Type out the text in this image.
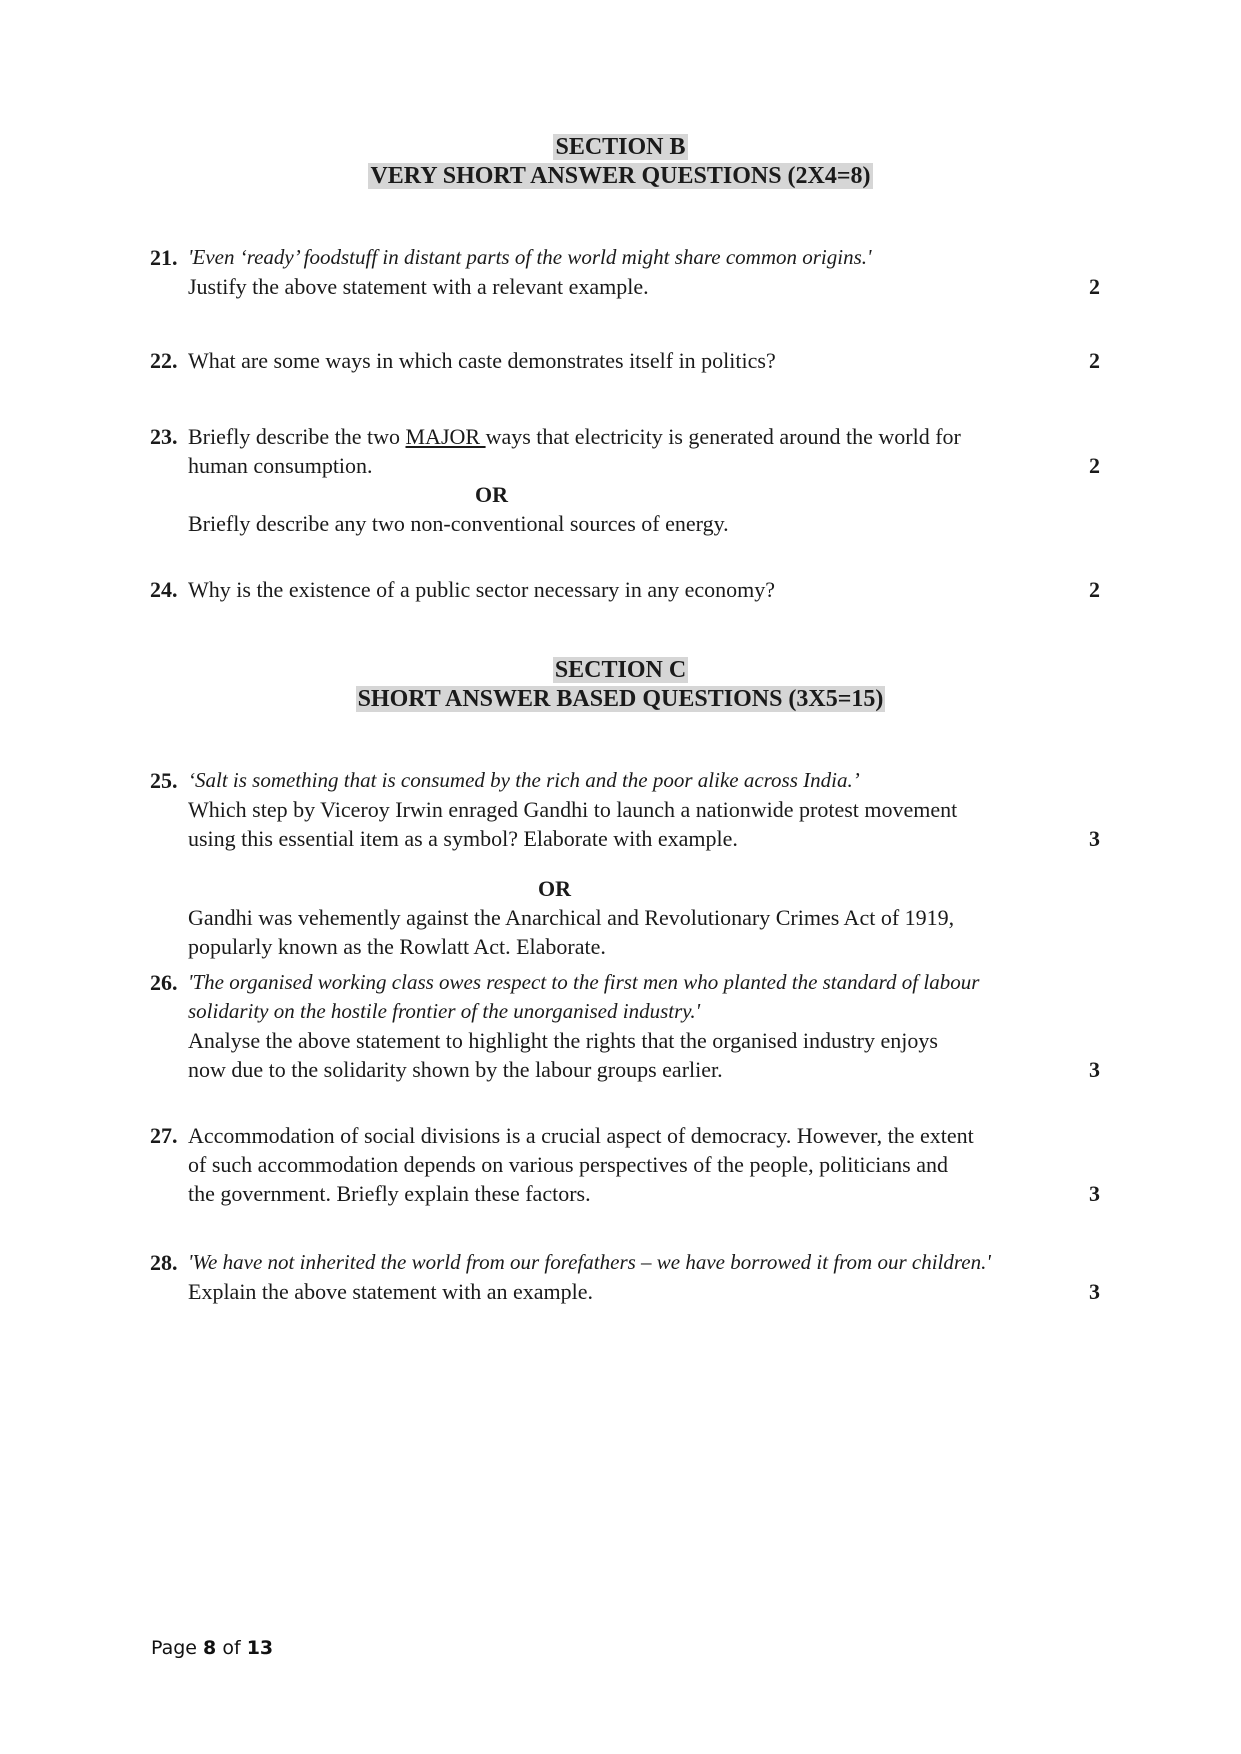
SECTION B
VERY SHORT ANSWER QUESTIONS (2X4=8)
21. 'Even ‘ready’ foodstuff in distant parts of the world might share common origins.'
Justify the above statement with a relevant example.	2
22. What are some ways in which caste demonstrates itself in politics?	2
23. Briefly describe the two MAJOR ways that electricity is generated around the world for
human consumption.
OR
Briefly describe any two non-conventional sources of energy.
2
24. Why is the existence of a public sector necessary in any economy?	2
SECTION C
SHORT ANSWER BASED QUESTIONS (3X5=15)
25. ‘Salt is something that is consumed by the rich and the poor alike across India.’
Which step by Viceroy Irwin enraged Gandhi to launch a nationwide protest movement
using this essential item as a symbol? Elaborate with example.
OR
Gandhi was vehemently against the Anarchical and Revolutionary Crimes Act of 1919,
popularly known as the Rowlatt Act. Elaborate.
3
26. 'The organised working class owes respect to the first men who planted the standard of labour
solidarity on the hostile frontier of the unorganised industry.'
Analyse the above statement to highlight the rights that the organised industry enjoys
now due to the solidarity shown by the labour groups earlier.	3
27. Accommodation of social divisions is a crucial aspect of democracy. However, the extent
of such accommodation depends on various perspectives of the people, politicians and
the government. Briefly explain these factors.	3
28. 'We have not inherited the world from our forefathers – we have borrowed it from our children.'
Explain the above statement with an example.	3
Page 8 of 13
